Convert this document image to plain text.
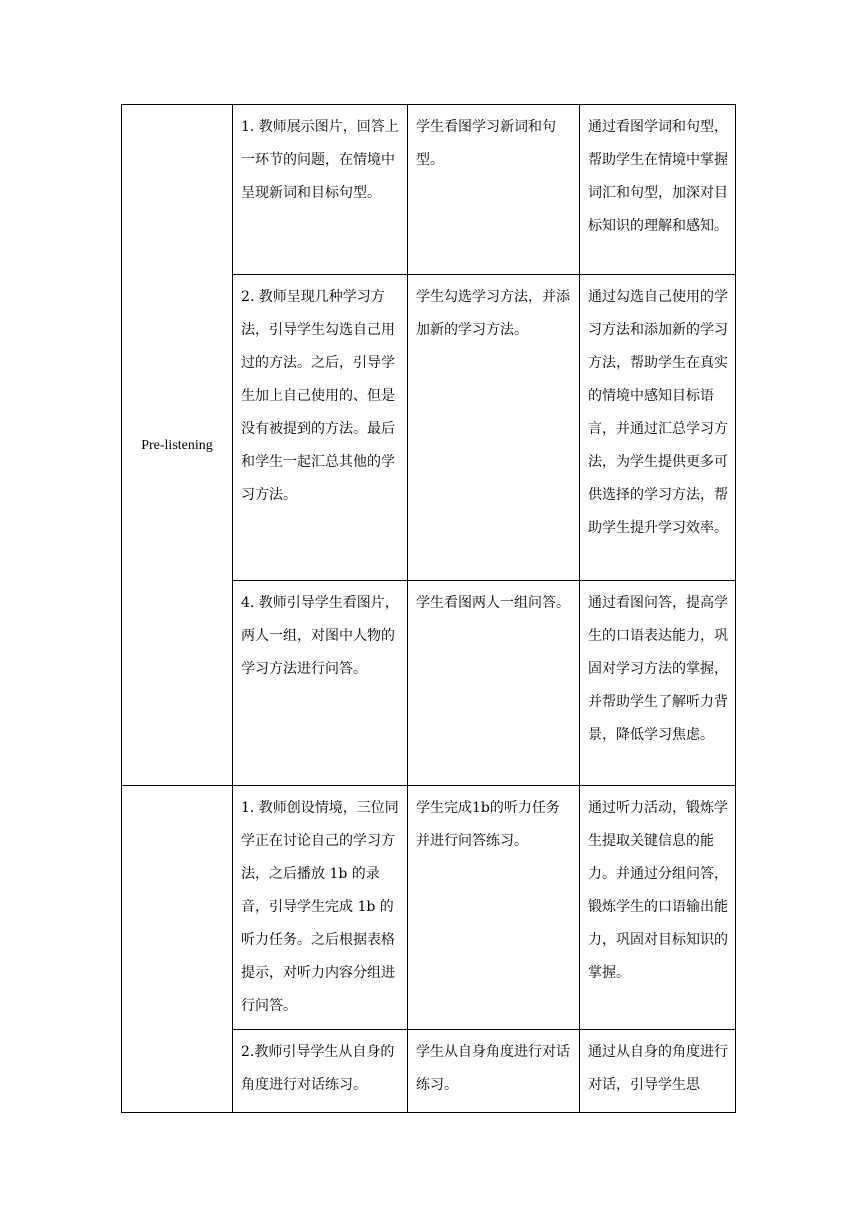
Pre-listening	1. 教师展示图片，回答上一环节的问题，在情境中呈现新词和目标句型。	学生看图学习新词和句型。	通过看图学词和句型，帮助学生在情境中掌握词汇和句型，加深对目标知识的理解和感知。
	2. 教师呈现几种学习方法，引导学生勾选自己用过的方法。之后，引导学生加上自己使用的、但是没有被提到的方法。最后和学生一起汇总其他的学习方法。	学生勾选学习方法，并添加新的学习方法。	通过勾选自己使用的学习方法和添加新的学习方法，帮助学生在真实的情境中感知目标语言，并通过汇总学习方法，为学生提供更多可供选择的学习方法，帮助学生提升学习效率。
	4. 教师引导学生看图片，两人一组，对图中人物的学习方法进行问答。	学生看图两人一组问答。	通过看图问答，提高学生的口语表达能力，巩固对学习方法的掌握，并帮助学生了解听力背景，降低学习焦虑。
	1. 教师创设情境，三位同学正在讨论自己的学习方法，之后播放 1b 的录音，引导学生完成 1b 的听力任务。之后根据表格提示，对听力内容分组进行问答。	学生完成1b的听力任务并进行问答练习。	通过听力活动，锻炼学生提取关键信息的能力。并通过分组问答，锻炼学生的口语输出能力，巩固对目标知识的掌握。
	2.教师引导学生从自身的角度进行对话练习。	学生从自身角度进行对话练习。	通过从自身的角度进行对话，引导学生思
